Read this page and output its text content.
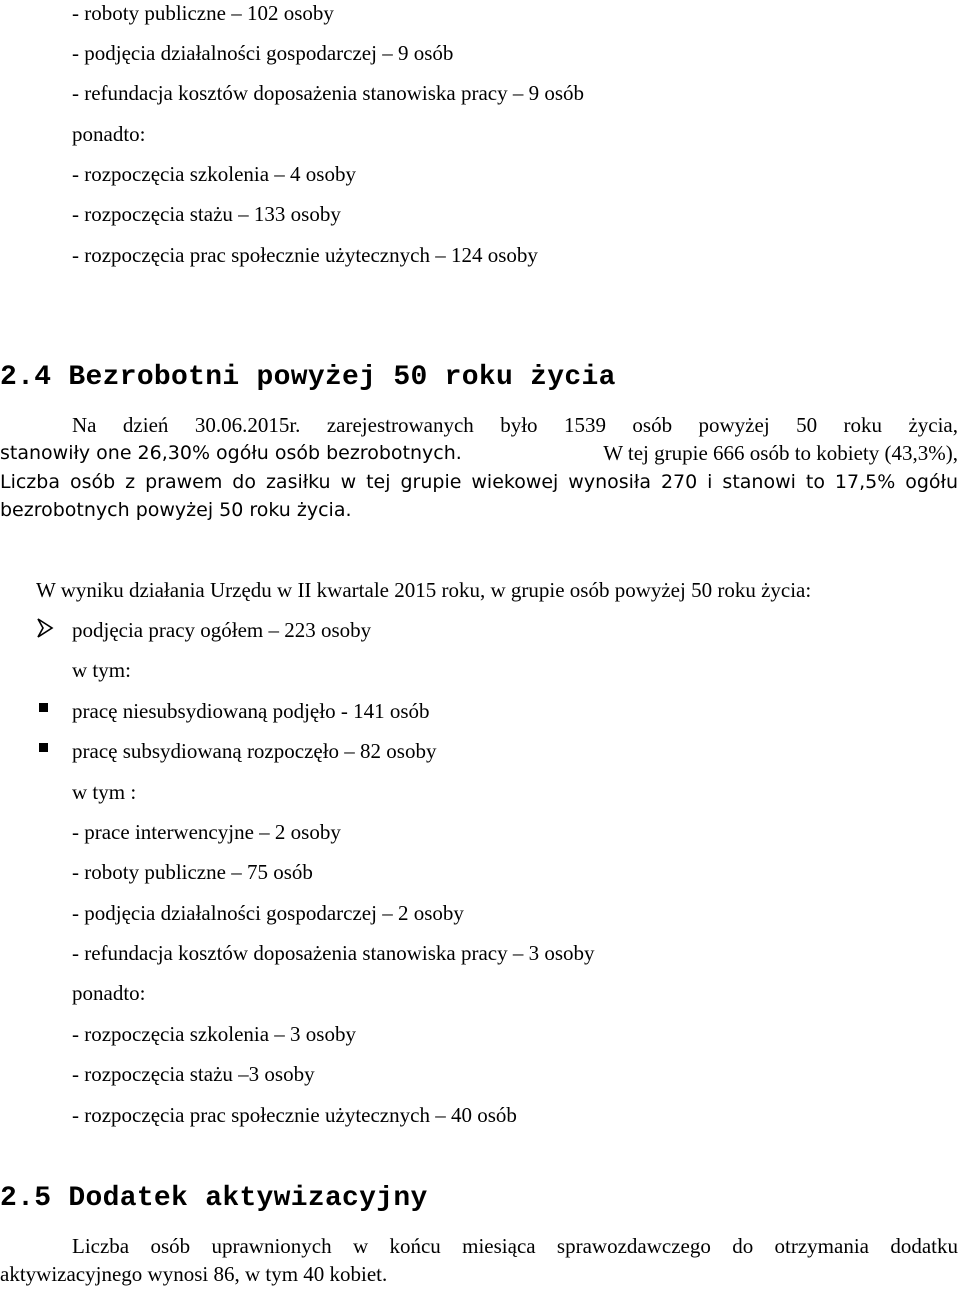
- roboty publiczne – 102 osoby
- podjęcia działalności gospodarczej – 9 osób
- refundacja kosztów doposażenia stanowiska pracy – 9 osób
ponadto:
- rozpoczęcia szkolenia – 4 osoby
- rozpoczęcia stażu – 133 osoby
- rozpoczęcia prac społecznie użytecznych – 124 osoby
2.4 Bezrobotni powyżej 50 roku życia
Na dzień 30.06.2015r. zarejestrowanych było 1539 osób powyżej 50 roku życia,
stanowiły one 26,30% ogółu osób bezrobotnych.	W tej grupie 666 osób to kobiety (43,3%),
Liczba osób z prawem do zasiłku w tej grupie wiekowej wynosiła 270 i stanowi to 17,5% ogółu
bezrobotnych powyżej 50 roku życia.
W wyniku działania Urzędu w II kwartale 2015 roku, w grupie osób powyżej 50 roku życia:
podjęcia pracy ogółem – 223 osoby
w tym:
pracę niesubsydiowaną podjęło - 141 osób
pracę subsydiowaną rozpoczęło – 82 osoby
w tym :
- prace interwencyjne – 2 osoby
- roboty publiczne – 75 osób
- podjęcia działalności gospodarczej – 2 osoby
- refundacja kosztów doposażenia stanowiska pracy – 3 osoby
ponadto:
- rozpoczęcia szkolenia – 3 osoby
- rozpoczęcia stażu –3 osoby
- rozpoczęcia prac społecznie użytecznych – 40 osób
2.5 Dodatek aktywizacyjny
Liczba osób uprawnionych w końcu miesiąca sprawozdawczego do otrzymania dodatku
aktywizacyjnego wynosi 86, w tym 40 kobiet.
